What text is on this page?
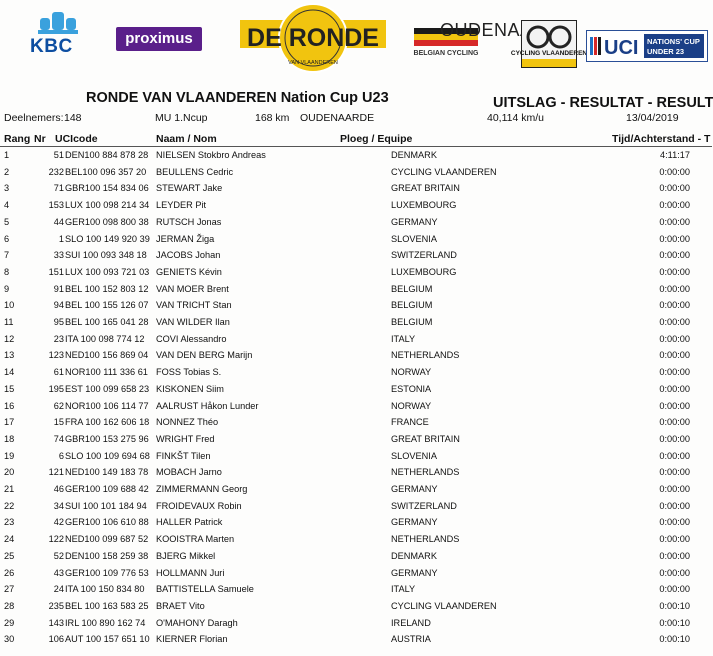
KBC	proximus	DE RONDE
VAN VLAANDEREN
BELGIAN CYCLING
OUDENAARDE
CYCLING VLAANDEREN UCI NATIONS' CUP
UNDER 23
RONDE VAN VLAANDEREN Nation Cup U23	UITSLAG - RESULTAT - RESULT
Deelnemers: 148	MU 1.Ncup	168 km OUDENAARDE	40,114 km/u	13/04/2019
Rang Nr UCIcode	Naam / Nom	Ploeg / Equipe	Tijd/Achterstand - T
1	51 DEN100 884 878 28 NIELSEN Stokbro Andreas	DENMARK	4:11:17
2	232 BEL100 096 357 20 BEULLENS Cedric	CYCLING VLAANDEREN	0:00:00
3	71 GBR100 154 834 06 STEWART Jake	GREAT BRITAIN	0:00:00
4	153 LUX 100 098 214 34 LEYDER Pit	LUXEMBOURG	0:00:00
5	44 GER100 098 800 38 RUTSCH Jonas	GERMANY	0:00:00
6	1 SLO 100 149 920 39 JERMAN Žiga	SLOVENIA	0:00:00
7	33 SUI 100 093 348 18 JACOBS Johan	SWITZERLAND	0:00:00
8	151 LUX 100 093 721 03 GENIETS Kévin	LUXEMBOURG	0:00:00
9	91 BEL 100 152 803 12 VAN MOER Brent	BELGIUM	0:00:00
10	94 BEL 100 155 126 07 VAN TRICHT Stan	BELGIUM	0:00:00
11	95 BEL 100 165 041 28 VAN WILDER Ilan	BELGIUM	0:00:00
12	23 ITA 100 098 774 12 COVI Alessandro	ITALY	0:00:00
13	123 NED100 156 869 04 VAN DEN BERG Marijn	NETHERLANDS	0:00:00
14	61 NOR100 111 336 61 FOSS Tobias S.	NORWAY	0:00:00
15	195 EST 100 099 658 23 KISKONEN Siim	ESTONIA	0:00:00
16	62 NOR100 106 114 77 AALRUST Håkon Lunder	NORWAY	0:00:00
17	15 FRA 100 162 606 18 NONNEZ Théo	FRANCE	0:00:00
18	74 GBR100 153 275 96 WRIGHT Fred	GREAT BRITAIN	0:00:00
19	6 SLO 100 109 694 68 FINKŠT Tilen	SLOVENIA	0:00:00
20	121 NED100 149 183 78 MOBACH Jarno	NETHERLANDS	0:00:00
21	46 GER100 109 688 42 ZIMMERMANN Georg	GERMANY	0:00:00
22	34 SUI 100 101 184 94 FROIDEVAUX Robin	SWITZERLAND	0:00:00
23	42 GER100 106 610 88 HALLER Patrick	GERMANY	0:00:00
24	122 NED100 099 687 52 KOOISTRA Marten	NETHERLANDS	0:00:00
25	52 DEN100 158 259 38 BJERG Mikkel	DENMARK	0:00:00
26	43 GER100 109 776 53 HOLLMANN Juri	GERMANY	0:00:00
27	24 ITA 100 150 834 80 BATTISTELLA Samuele	ITALY	0:00:00
28	235 BEL 100 163 583 25 BRAET Vito	CYCLING VLAANDEREN	0:00:10
29	143 IRL 100 890 162 74 O'MAHONY Daragh	IRELAND	0:00:10
30	106 AUT 100 157 651 10 KIERNER Florian	AUSTRIA	0:00:10
